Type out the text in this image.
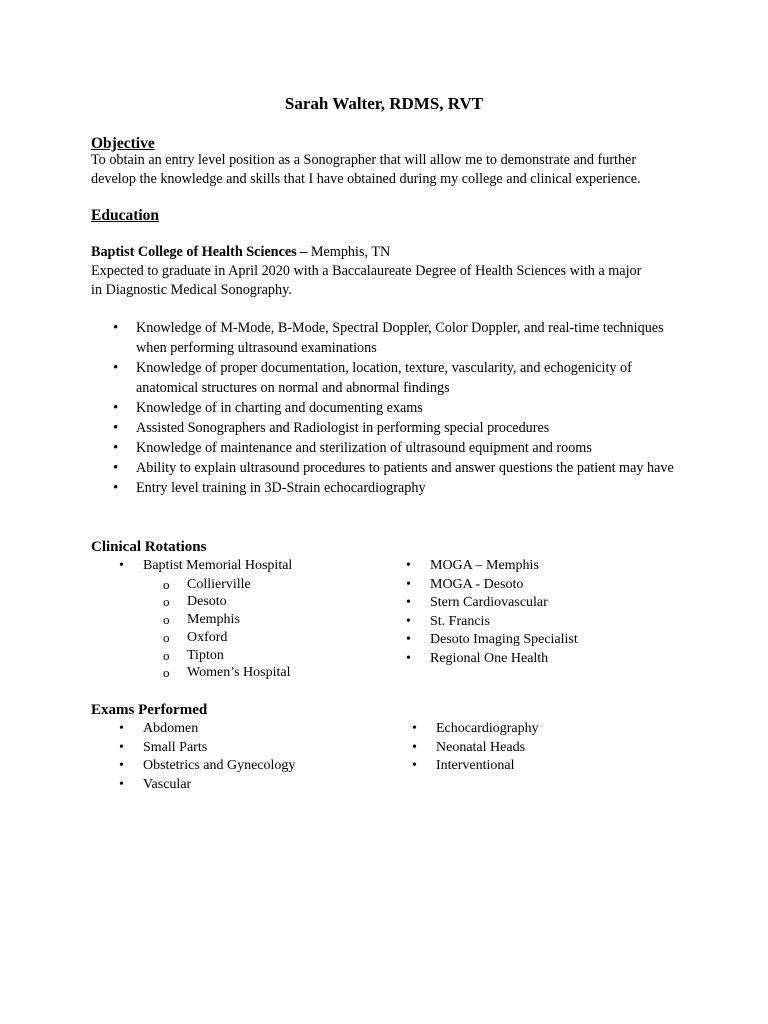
Sarah Walter, RDMS, RVT
Objective
To obtain an entry level position as a Sonographer that will allow me to demonstrate and further
develop the knowledge and skills that I have obtained during my college and clinical experience.
Education
Baptist College of Health Sciences – Memphis, TN
Expected to graduate in April 2020 with a Baccalaureate Degree of Health Sciences with a major
in Diagnostic Medical Sonography.
• Knowledge of M-Mode, B-Mode, Spectral Doppler, Color Doppler, and real-time techniques when performing ultrasound examinations
• Knowledge of proper documentation, location, texture, vascularity, and echogenicity of anatomical structures on normal and abnormal findings
• Knowledge of in charting and documenting exams
• Assisted Sonographers and Radiologist in performing special procedures
• Knowledge of maintenance and sterilization of ultrasound equipment and rooms
• Ability to explain ultrasound procedures to patients and answer questions the patient may have
• Entry level training in 3D-Strain echocardiography
Clinical Rotations
• Baptist Memorial Hospital
o Collierville
o Desoto
o Memphis
o Oxford
o Tipton
o Women’s Hospital
• MOGA – Memphis
• MOGA - Desoto
• Stern Cardiovascular
• St. Francis
• Desoto Imaging Specialist
• Regional One Health
Exams Performed
• Abdomen
• Small Parts
• Obstetrics and Gynecology
• Vascular
• Echocardiography
• Neonatal Heads
• Interventional
